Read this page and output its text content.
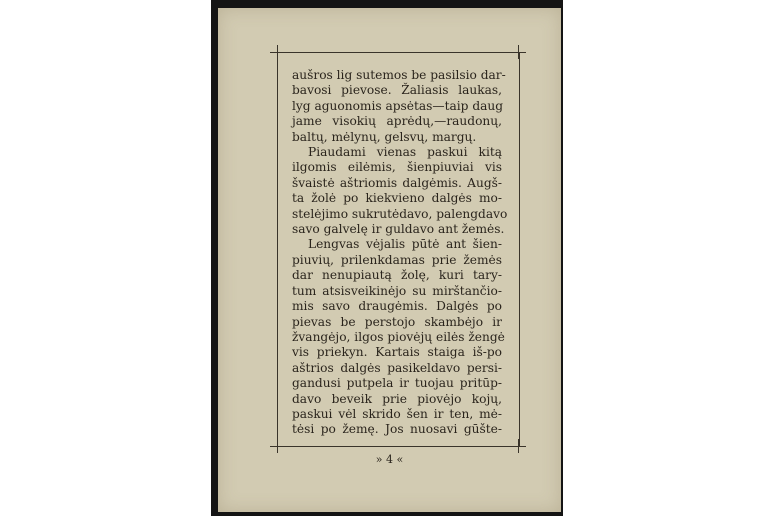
aušros lig sutemos be pasilsio dar-
bavosi pievose. Žaliasis laukas,
lyg aguonomis apsėtas—taip daug
jame visokių aprėdų,—raudonų,
baltų, mėlynų, gelsvų, margų.
Piaudami vienas paskui kitą
ilgomis eilėmis, šienpiuviai vis
švaistė aštriomis dalgėmis. Augš-
ta žolė po kiekvieno dalgės mo-
stelėjimo sukrutėdavo, palengdavo
savo galvelę ir guldavo ant žemės.
Lengvas vėjalis pūtė ant šien-
piuvių, prilenkdamas prie žemės
dar nenupiautą žolę, kuri tary-
tum atsisveikinėjo su mirštančio-
mis savo draugėmis. Dalgės po
pievas be perstojo skambėjo ir
žvangėjo, ilgos piovėjų eilės žengė
vis priekyn. Kartais staiga iš-po
aštrios dalgės pasikeldavo persi-
gandusi putpela ir tuojau pritūp-
davo beveik prie piovėjo kojų,
paskui vėl skrido šen ir ten, mė-
tėsi po žemę. Jos nuosavi gūšte-
» 4 «
